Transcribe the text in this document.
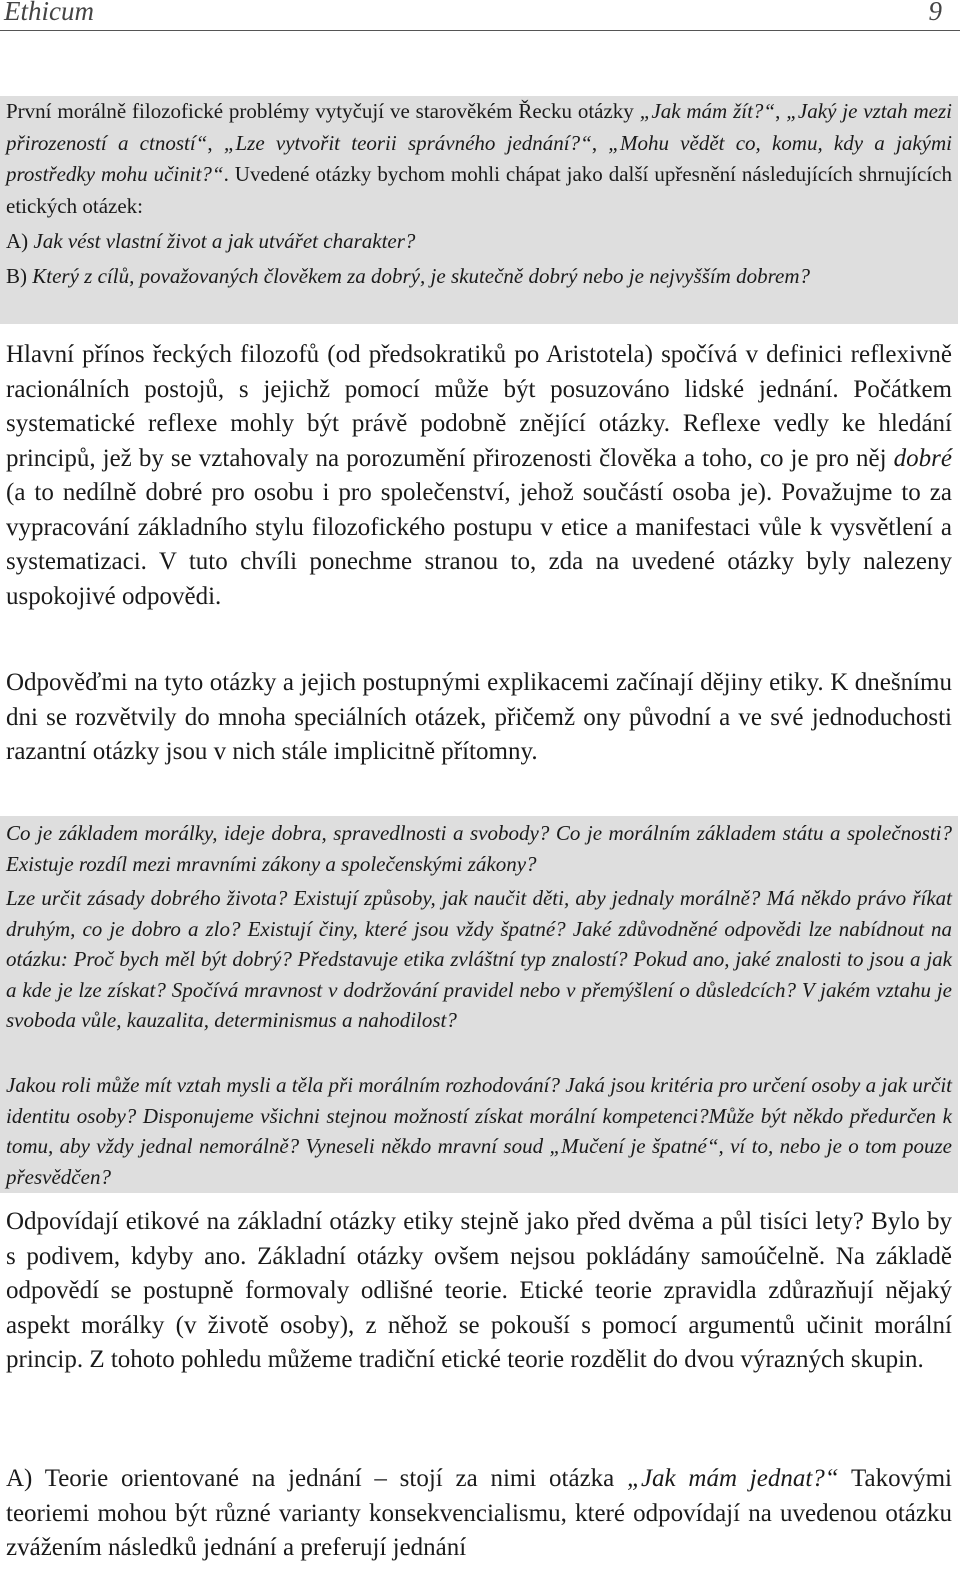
Ethicum	9

První morálně filozofické problémy vytyčují ve starověkém Řecku otázky „Jak mám žít?“, „Jaký je vztah mezi přirozeností a ctností“, „Lze vytvořit teorii správného jednání?“, „Mohu vědět co, komu, kdy a jakými prostředky mohu učinit?“. Uvedené otázky bychom mohli chápat jako další upřesnění následujících shrnujících etických otázek:

A) Jak vést vlastní život a jak utvářet charakter?

B) Který z cílů, považovaných člověkem za dobrý, je skutečně dobrý nebo je nejvyšším dobrem?

Hlavní přínos řeckých filozofů (od předsokratiků po Aristotela) spočívá v definici reflexivně racionálních postojů, s jejichž pomocí může být posuzováno lidské jednání. Počátkem systematické reflexe mohly být právě podobně znějící otázky. Reflexe vedly ke hledání principů, jež by se vztahovaly na porozumění přirozenosti člověka a toho, co je pro něj dobré (a to nedílně dobré pro osobu i pro společenství, jehož součástí osoba je). Považujme to za vypracování základního stylu filozofického postupu v etice a manifestaci vůle k vysvětlení a systematizaci. V tuto chvíli ponechme stranou to, zda na uvedené otázky byly nalezeny uspokojivé odpovědi.

Odpověďmi na tyto otázky a jejich postupnými explikacemi začínají dějiny etiky. K dnešnímu dni se rozvětvily do mnoha speciálních otázek, přičemž ony původní a ve své jednoduchosti razantní otázky jsou v nich stále implicitně přítomny.

Co je základem morálky, ideje dobra, spravedlnosti a svobody? Co je morálním základem státu a společnosti? Existuje rozdíl mezi mravními zákony a společenskými zákony?

Lze určit zásady dobrého života? Existují způsoby, jak naučit děti, aby jednaly morálně? Má někdo právo říkat druhým, co je dobro a zlo? Existují činy, které jsou vždy špatné? Jaké zdůvodněné odpovědi lze nabídnout na otázku: Proč bych měl být dobrý? Představuje etika zvláštní typ znalostí? Pokud ano, jaké znalosti to jsou a jak a kde je lze získat? Spočívá mravnost v dodržování pravidel nebo v přemýšlení o důsledcích? V jakém vztahu je svoboda vůle, kauzalita, determinismus a nahodilost?

Jakou roli může mít vztah mysli a těla při morálním rozhodování? Jaká jsou kritéria pro určení osoby a jak určit identitu osoby? Disponujeme všichni stejnou možností získat morální kompetenci?Může být někdo předurčen k tomu, aby vždy jednal nemorálně? Vyneseli někdo mravní soud „Mučení je špatné“, ví to, nebo je o tom pouze přesvědčen?

Odpovídají etikové na základní otázky etiky stejně jako před dvěma a půl tisíci lety? Bylo by s podivem, kdyby ano. Základní otázky ovšem nejsou pokládány samoúčelně. Na základě odpovědí se postupně formovaly odlišné teorie. Etické teorie zpravidla zdůrazňují nějaký aspekt morálky (v životě osoby), z něhož se pokouší s pomocí argumentů učinit morální princip. Z tohoto pohledu můžeme tradiční etické teorie rozdělit do dvou výrazných skupin.

A) Teorie orientované na jednání – stojí za nimi otázka „Jak mám jednat?“ Takovými teoriemi mohou být různé varianty konsekvencialismu, které odpovídají na uvedenou otázku zvážením následků jednání a preferují jednání
